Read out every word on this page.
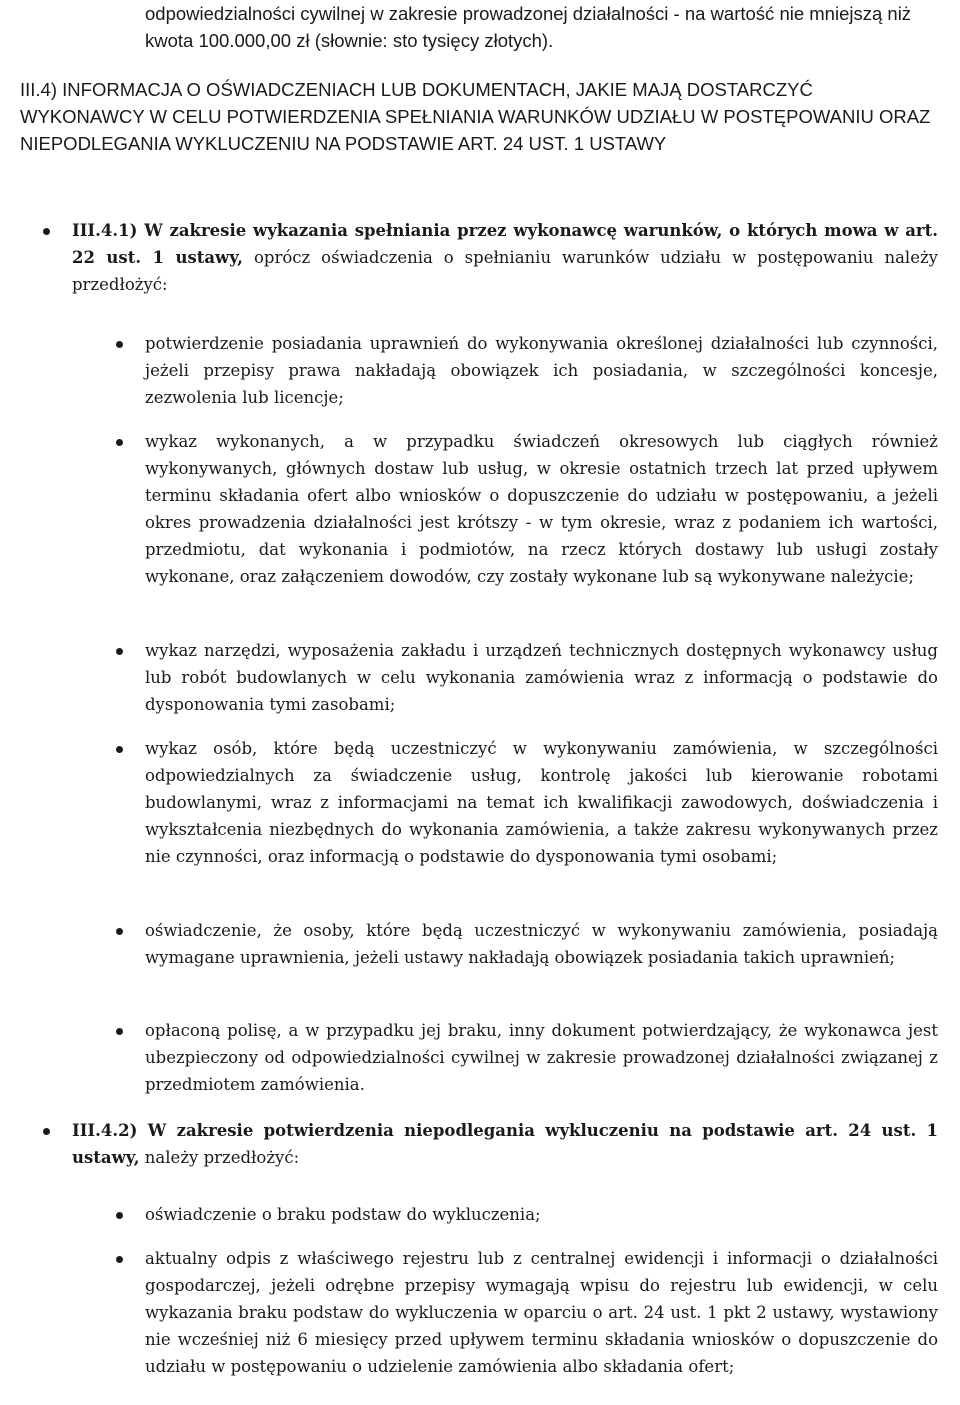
odpowiedzialności cywilnej w zakresie prowadzonej działalności - na wartość nie mniejszą niż kwota 100.000,00 zł (słownie: sto tysięcy złotych).
III.4) INFORMACJA O OŚWIADCZENIACH LUB DOKUMENTACH, JAKIE MAJĄ DOSTARCZYĆ WYKONAWCY W CELU POTWIERDZENIA SPEŁNIANIA WARUNKÓW UDZIAŁU W POSTĘPOWANIU ORAZ NIEPODLEGANIA WYKLUCZENIU NA PODSTAWIE ART. 24 UST. 1 USTAWY
III.4.1) W zakresie wykazania spełniania przez wykonawcę warunków, o których mowa w art. 22 ust. 1 ustawy, oprócz oświadczenia o spełnianiu warunków udziału w postępowaniu należy przedłożyć:
potwierdzenie posiadania uprawnień do wykonywania określonej działalności lub czynności, jeżeli przepisy prawa nakładają obowiązek ich posiadania, w szczególności koncesje, zezwolenia lub licencje;
wykaz wykonanych, a w przypadku świadczeń okresowych lub ciągłych również wykonywanych, głównych dostaw lub usług, w okresie ostatnich trzech lat przed upływem terminu składania ofert albo wniosków o dopuszczenie do udziału w postępowaniu, a jeżeli okres prowadzenia działalności jest krótszy - w tym okresie, wraz z podaniem ich wartości, przedmiotu, dat wykonania i podmiotów, na rzecz których dostawy lub usługi zostały wykonane, oraz załączeniem dowodów, czy zostały wykonane lub są wykonywane należycie;
wykaz narzędzi, wyposażenia zakładu i urządzeń technicznych dostępnych wykonawcy usług lub robót budowlanych w celu wykonania zamówienia wraz z informacją o podstawie do dysponowania tymi zasobami;
wykaz osób, które będą uczestniczyć w wykonywaniu zamówienia, w szczególności odpowiedzialnych za świadczenie usług, kontrolę jakości lub kierowanie robotami budowlanymi, wraz z informacjami na temat ich kwalifikacji zawodowych, doświadczenia i wykształcenia niezbędnych do wykonania zamówienia, a także zakresu wykonywanych przez nie czynności, oraz informacją o podstawie do dysponowania tymi osobami;
oświadczenie, że osoby, które będą uczestniczyć w wykonywaniu zamówienia, posiadają wymagane uprawnienia, jeżeli ustawy nakładają obowiązek posiadania takich uprawnień;
opłaconą polisę, a w przypadku jej braku, inny dokument potwierdzający, że wykonawca jest ubezpieczony od odpowiedzialności cywilnej w zakresie prowadzonej działalności związanej z przedmiotem zamówienia.
III.4.2) W zakresie potwierdzenia niepodlegania wykluczeniu na podstawie art. 24 ust. 1 ustawy, należy przedłożyć:
oświadczenie o braku podstaw do wykluczenia;
aktualny odpis z właściwego rejestru lub z centralnej ewidencji i informacji o działalności gospodarczej, jeżeli odrębne przepisy wymagają wpisu do rejestru lub ewidencji, w celu wykazania braku podstaw do wykluczenia w oparciu o art. 24 ust. 1 pkt 2 ustawy, wystawiony nie wcześniej niż 6 miesięcy przed upływem terminu składania wniosków o dopuszczenie do udziału w postępowaniu o udzielenie zamówienia albo składania ofert;
